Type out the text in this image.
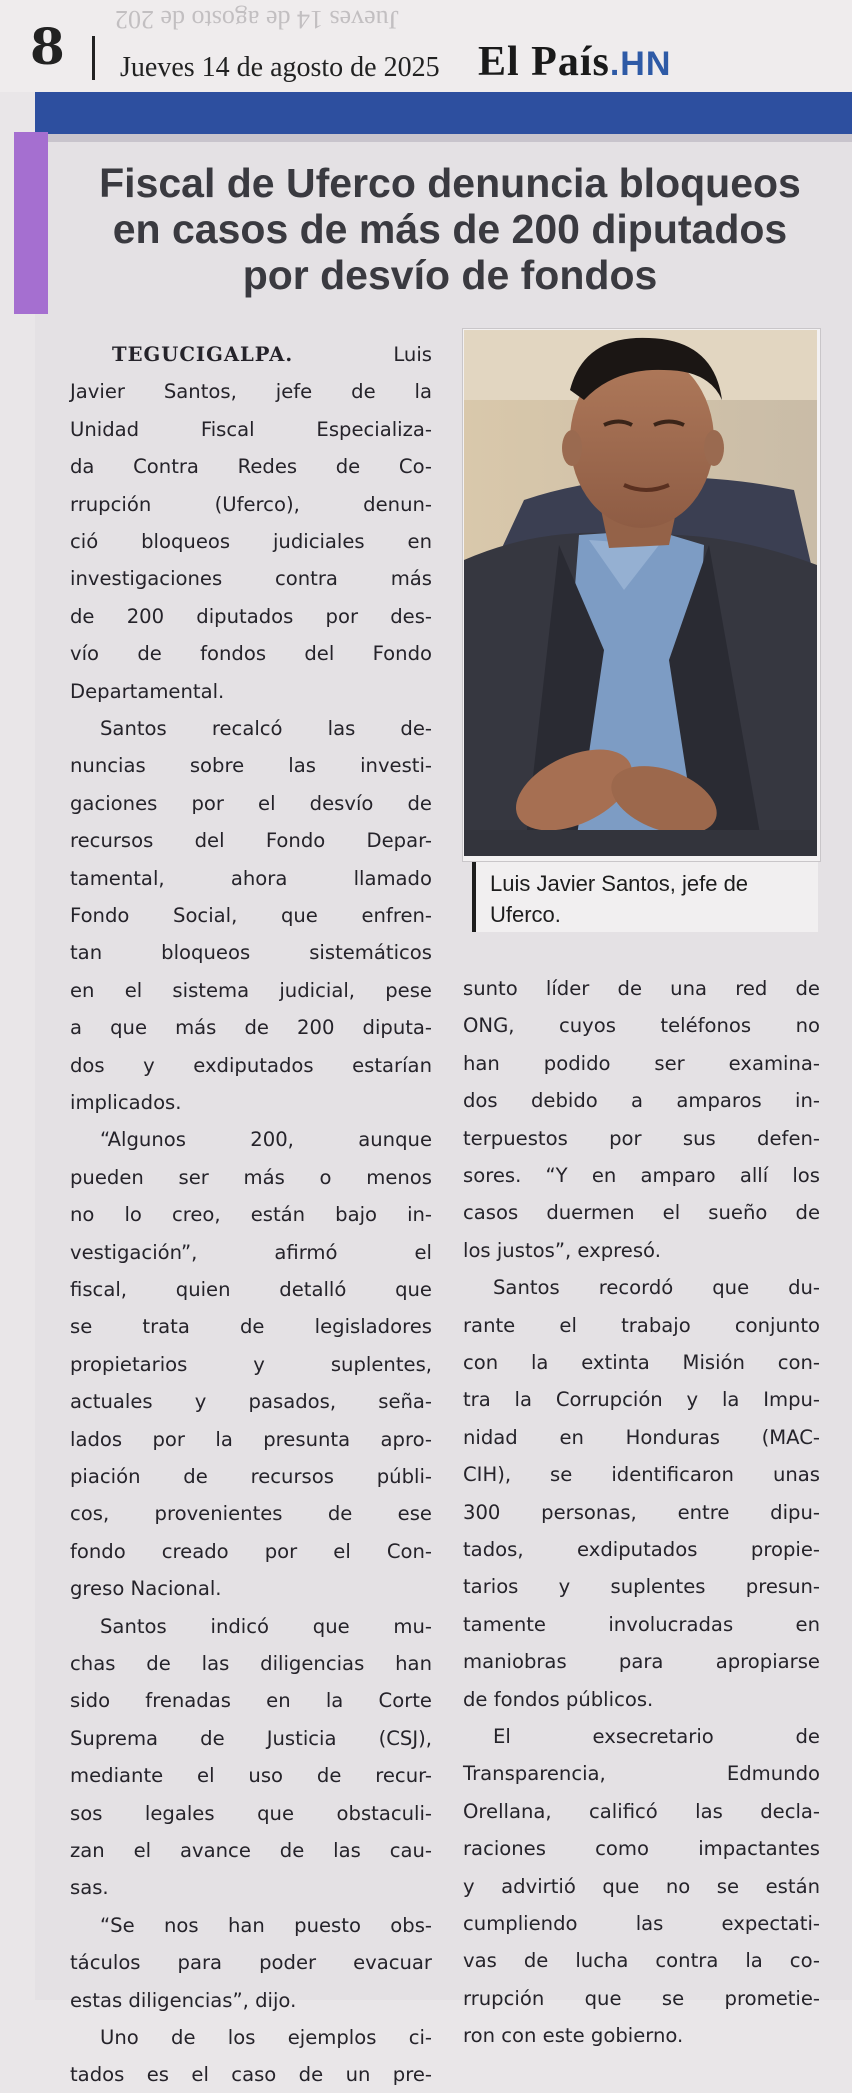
Jueves 14 de agosto de 202
8 Jueves 14 de agosto de 2025 El País.HN
Fiscal de Uferco denuncia bloqueos
en casos de más de 200 diputados
por desvío de fondos
Luis Javier Santos, jefe de
Uferco.
TEGUCIGALPA. Luis
Javier Santos, jefe de la
Unidad Fiscal Especializa-
da Contra Redes de Co-
rrupción (Uferco), denun-
ció bloqueos judiciales en
investigaciones contra más
de 200 diputados por des-
vío de fondos del Fondo
Departamental.
Santos recalcó las de-
nuncias sobre las investi-
gaciones por el desvío de
recursos del Fondo Depar-
tamental, ahora llamado
Fondo Social, que enfren-
tan bloqueos sistemáticos
en el sistema judicial, pese
a que más de 200 diputa-
dos y exdiputados estarían
implicados.
“Algunos 200, aunque
pueden ser más o menos
no lo creo, están bajo in-
vestigación”, afirmó el
fiscal, quien detalló que
se trata de legisladores
propietarios y suplentes,
actuales y pasados, seña-
lados por la presunta apro-
piación de recursos públi-
cos, provenientes de ese
fondo creado por el Con-
greso Nacional.
Santos indicó que mu-
chas de las diligencias han
sido frenadas en la Corte
Suprema de Justicia (CSJ),
mediante el uso de recur-
sos legales que obstaculi-
zan el avance de las cau-
sas.
“Se nos han puesto obs-
táculos para poder evacuar
estas diligencias”, dijo.
Uno de los ejemplos ci-
tados es el caso de un pre-
sunto líder de una red de
ONG, cuyos teléfonos no
han podido ser examina-
dos debido a amparos in-
terpuestos por sus defen-
sores. “Y en amparo allí los
casos duermen el sueño de
los justos”, expresó.
Santos recordó que du-
rante el trabajo conjunto
con la extinta Misión con-
tra la Corrupción y la Impu-
nidad en Honduras (MAC-
CIH), se identificaron unas
300 personas, entre dipu-
tados, exdiputados propie-
tarios y suplentes presun-
tamente involucradas en
maniobras para apropiarse
de fondos públicos.
El exsecretario de
Transparencia, Edmundo
Orellana, calificó las decla-
raciones como impactantes
y advirtió que no se están
cumpliendo las expectati-
vas de lucha contra la co-
rrupción que se prometie-
ron con este gobierno.
